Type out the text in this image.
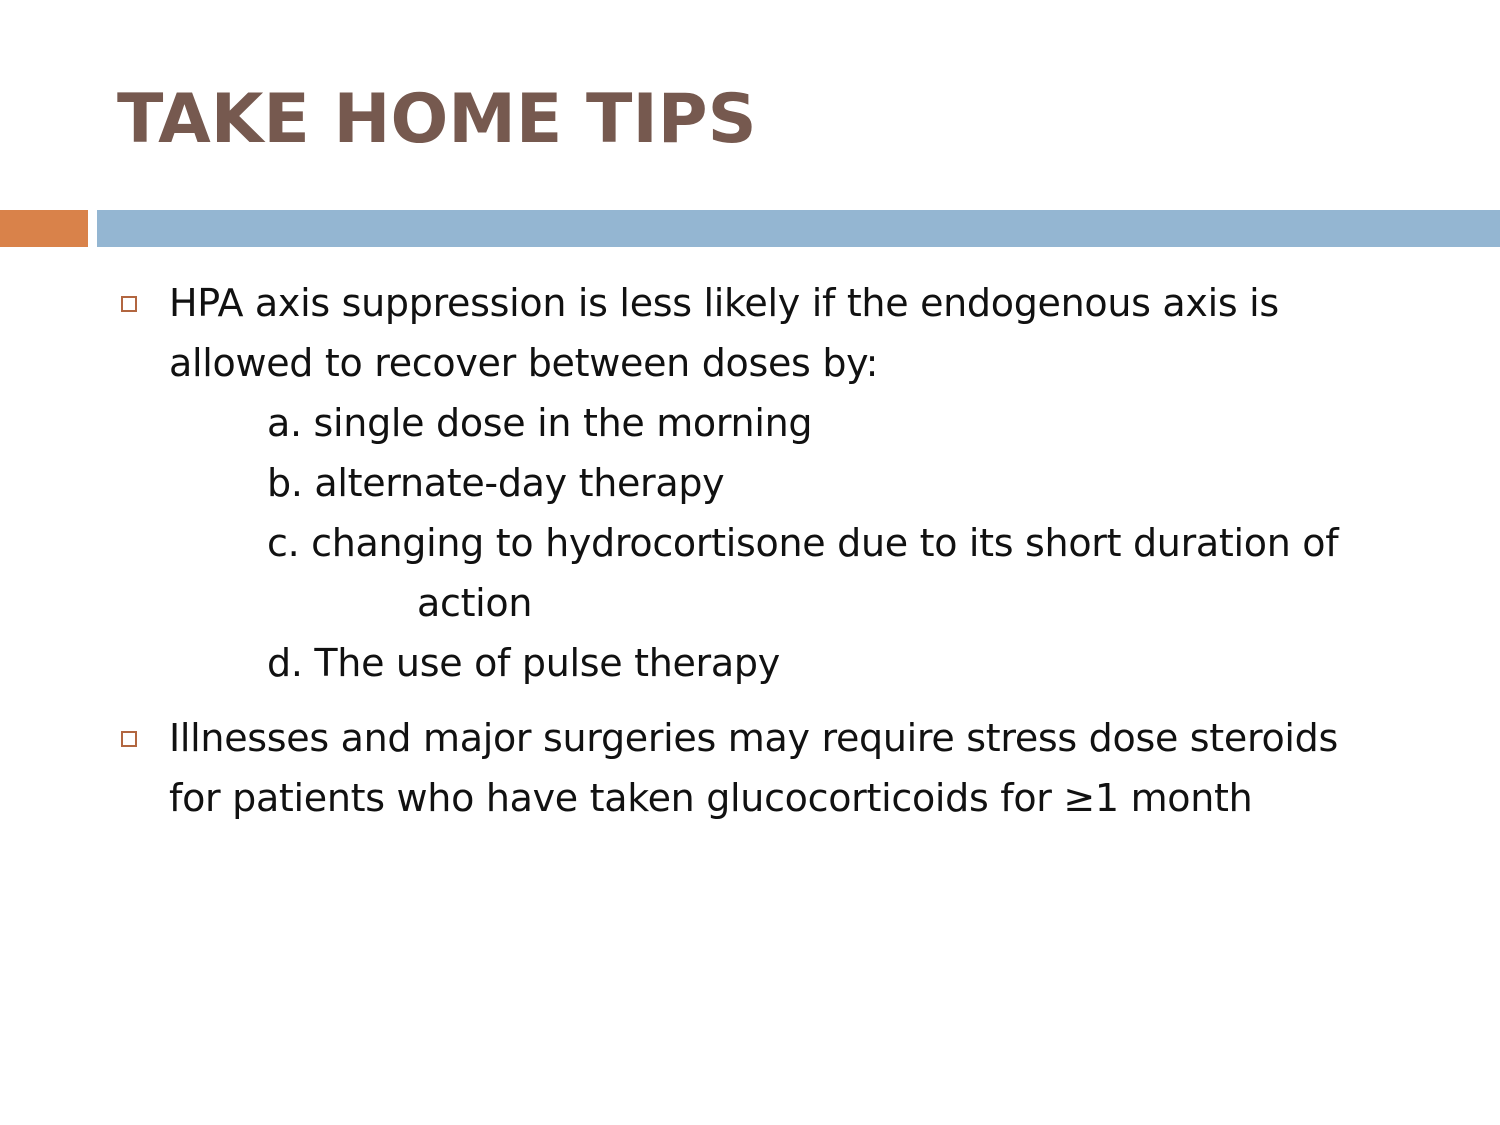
TAKE HOME TIPS
HPA axis suppression is less likely if the endogenous axis is
allowed to recover between doses by:
a. single dose in the morning
b. alternate-day therapy
c. changing to hydrocortisone due to its short duration of
action
d. The use of pulse therapy
Illnesses and major surgeries may require stress dose steroids
for patients who have taken glucocorticoids for ≥1 month
